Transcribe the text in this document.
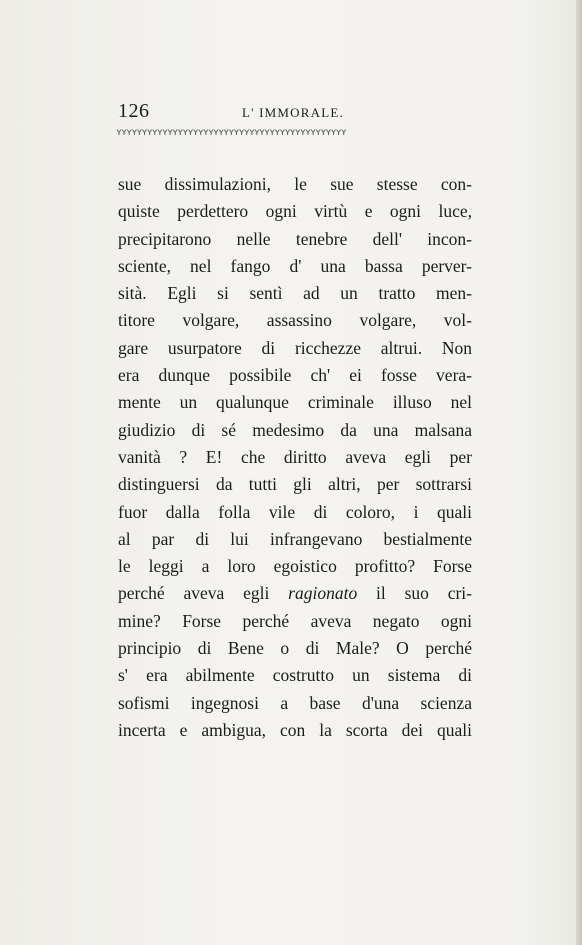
126	L' IMMORALE.
ʏʏʏʏʏʏʏʏʏʏʏʏʏʏʏʏʏʏʏʏʏʏʏʏʏʏʏʏʏʏʏʏʏʏʏʏʏʏʏʏʏʏʏʏʏ
sue dissimulazioni, le sue stesse con-
quiste perdettero ogni virtù e ogni luce,
precipitarono nelle tenebre dell' incon-
sciente, nel fango d' una bassa perver-
sità. Egli si sentì ad un tratto men-
titore volgare, assassino volgare, vol-
gare usurpatore di ricchezze altrui. Non
era dunque possibile ch' ei fosse vera-
mente un qualunque criminale illuso nel
giudizio di sé medesimo da una malsana
vanità ? E! che diritto aveva egli per
distinguersi da tutti gli altri, per sottrarsi
fuor dalla folla vile di coloro, i quali
al par di lui infrangevano bestialmente
le leggi a loro egoistico profitto? Forse
perché aveva egli ragionato il suo cri-
mine? Forse perché aveva negato ogni
principio di Bene o di Male? O perché
s' era abilmente costrutto un sistema di
sofismi ingegnosi a base d'una scienza
incerta e ambigua, con la scorta dei quali
